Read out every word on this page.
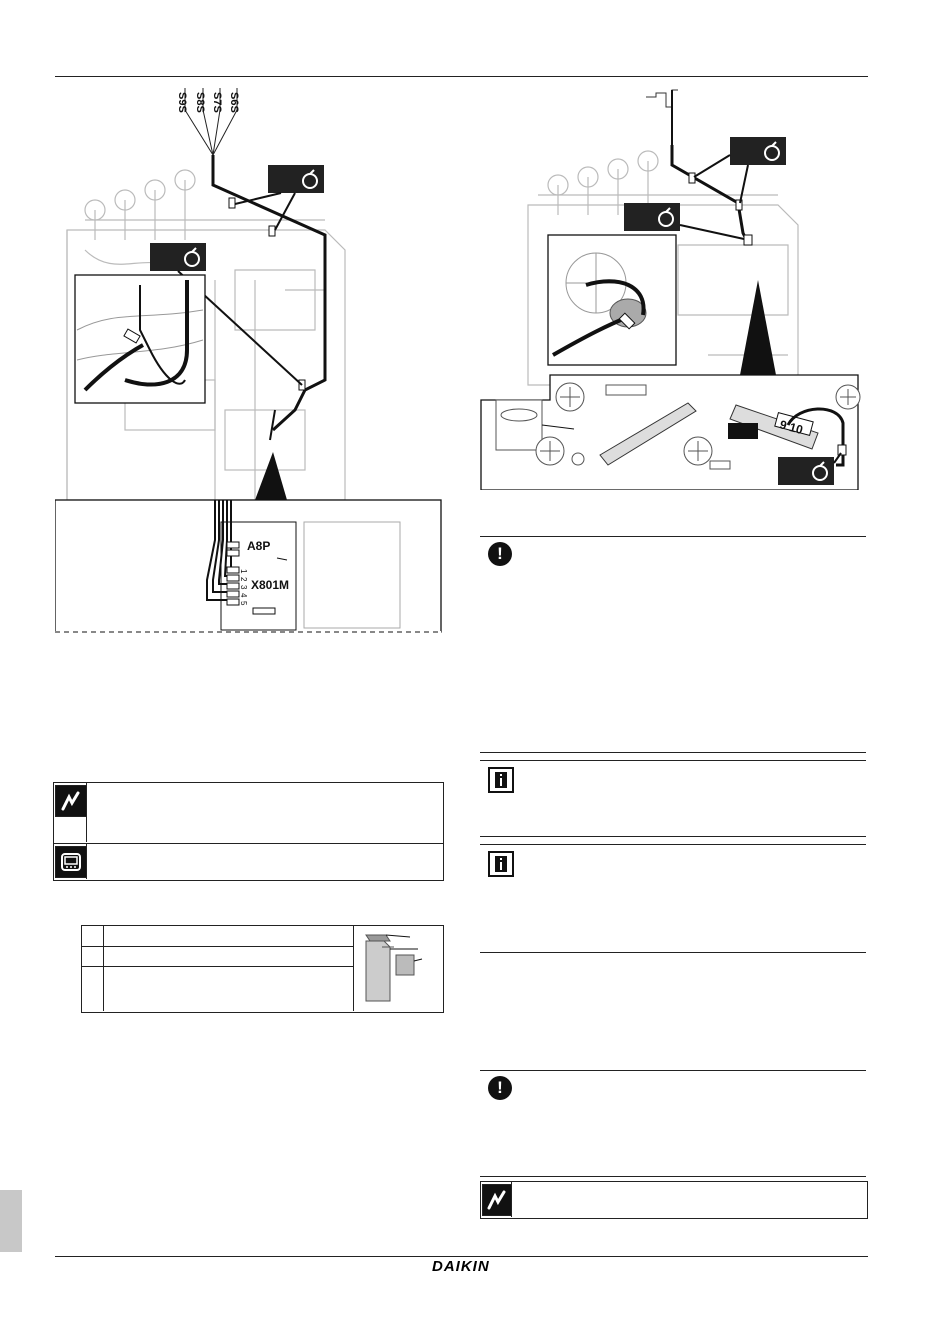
S9S S8S S7S S6S
A8P
X801M
1
2
3
4
5
9 10
!
!
DAIKIN
